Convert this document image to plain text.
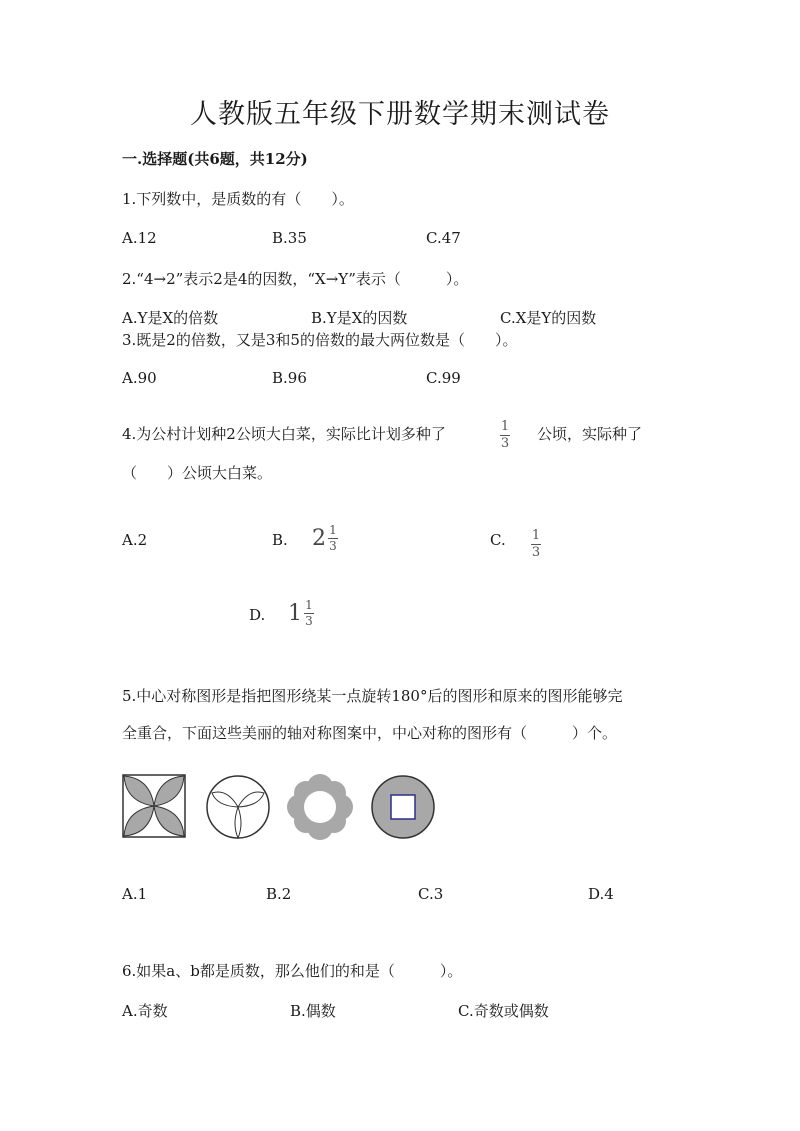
人教版五年级下册数学期末测试卷
一.选择题(共6题，共12分)
1.下列数中，是质数的有（　　）。
A.12	B.35	C.47
2.“4→2”表示2是4的因数，“X→Y”表示（　　　）。
A.Y是X的倍数	B.Y是X的因数	C.X是Y的因数
3.既是2的倍数，又是3和5的倍数的最大两位数是（　　）。
A.90	B.96	C.99
4.为公村计划种2公顷大白菜，实际比计划多种了	$\frac{1}{3}$ 公顷，实际种了
（　　）公顷大白菜。
A.2	B. $2 \frac{1}{3}$	C. $\frac{1}{3}$
D. $1 \frac{1}{3}$
5.中心对称图形是指把图形绕某一点旋转180°后的图形和原来的图形能够完
全重合，下面这些美丽的轴对称图案中，中心对称的图形有（　　　）个。
A.1	B.2	C.3	D.4
6.如果a、b都是质数，那么他们的和是（　　　）。
A.奇数	B.偶数	C.奇数或偶数
